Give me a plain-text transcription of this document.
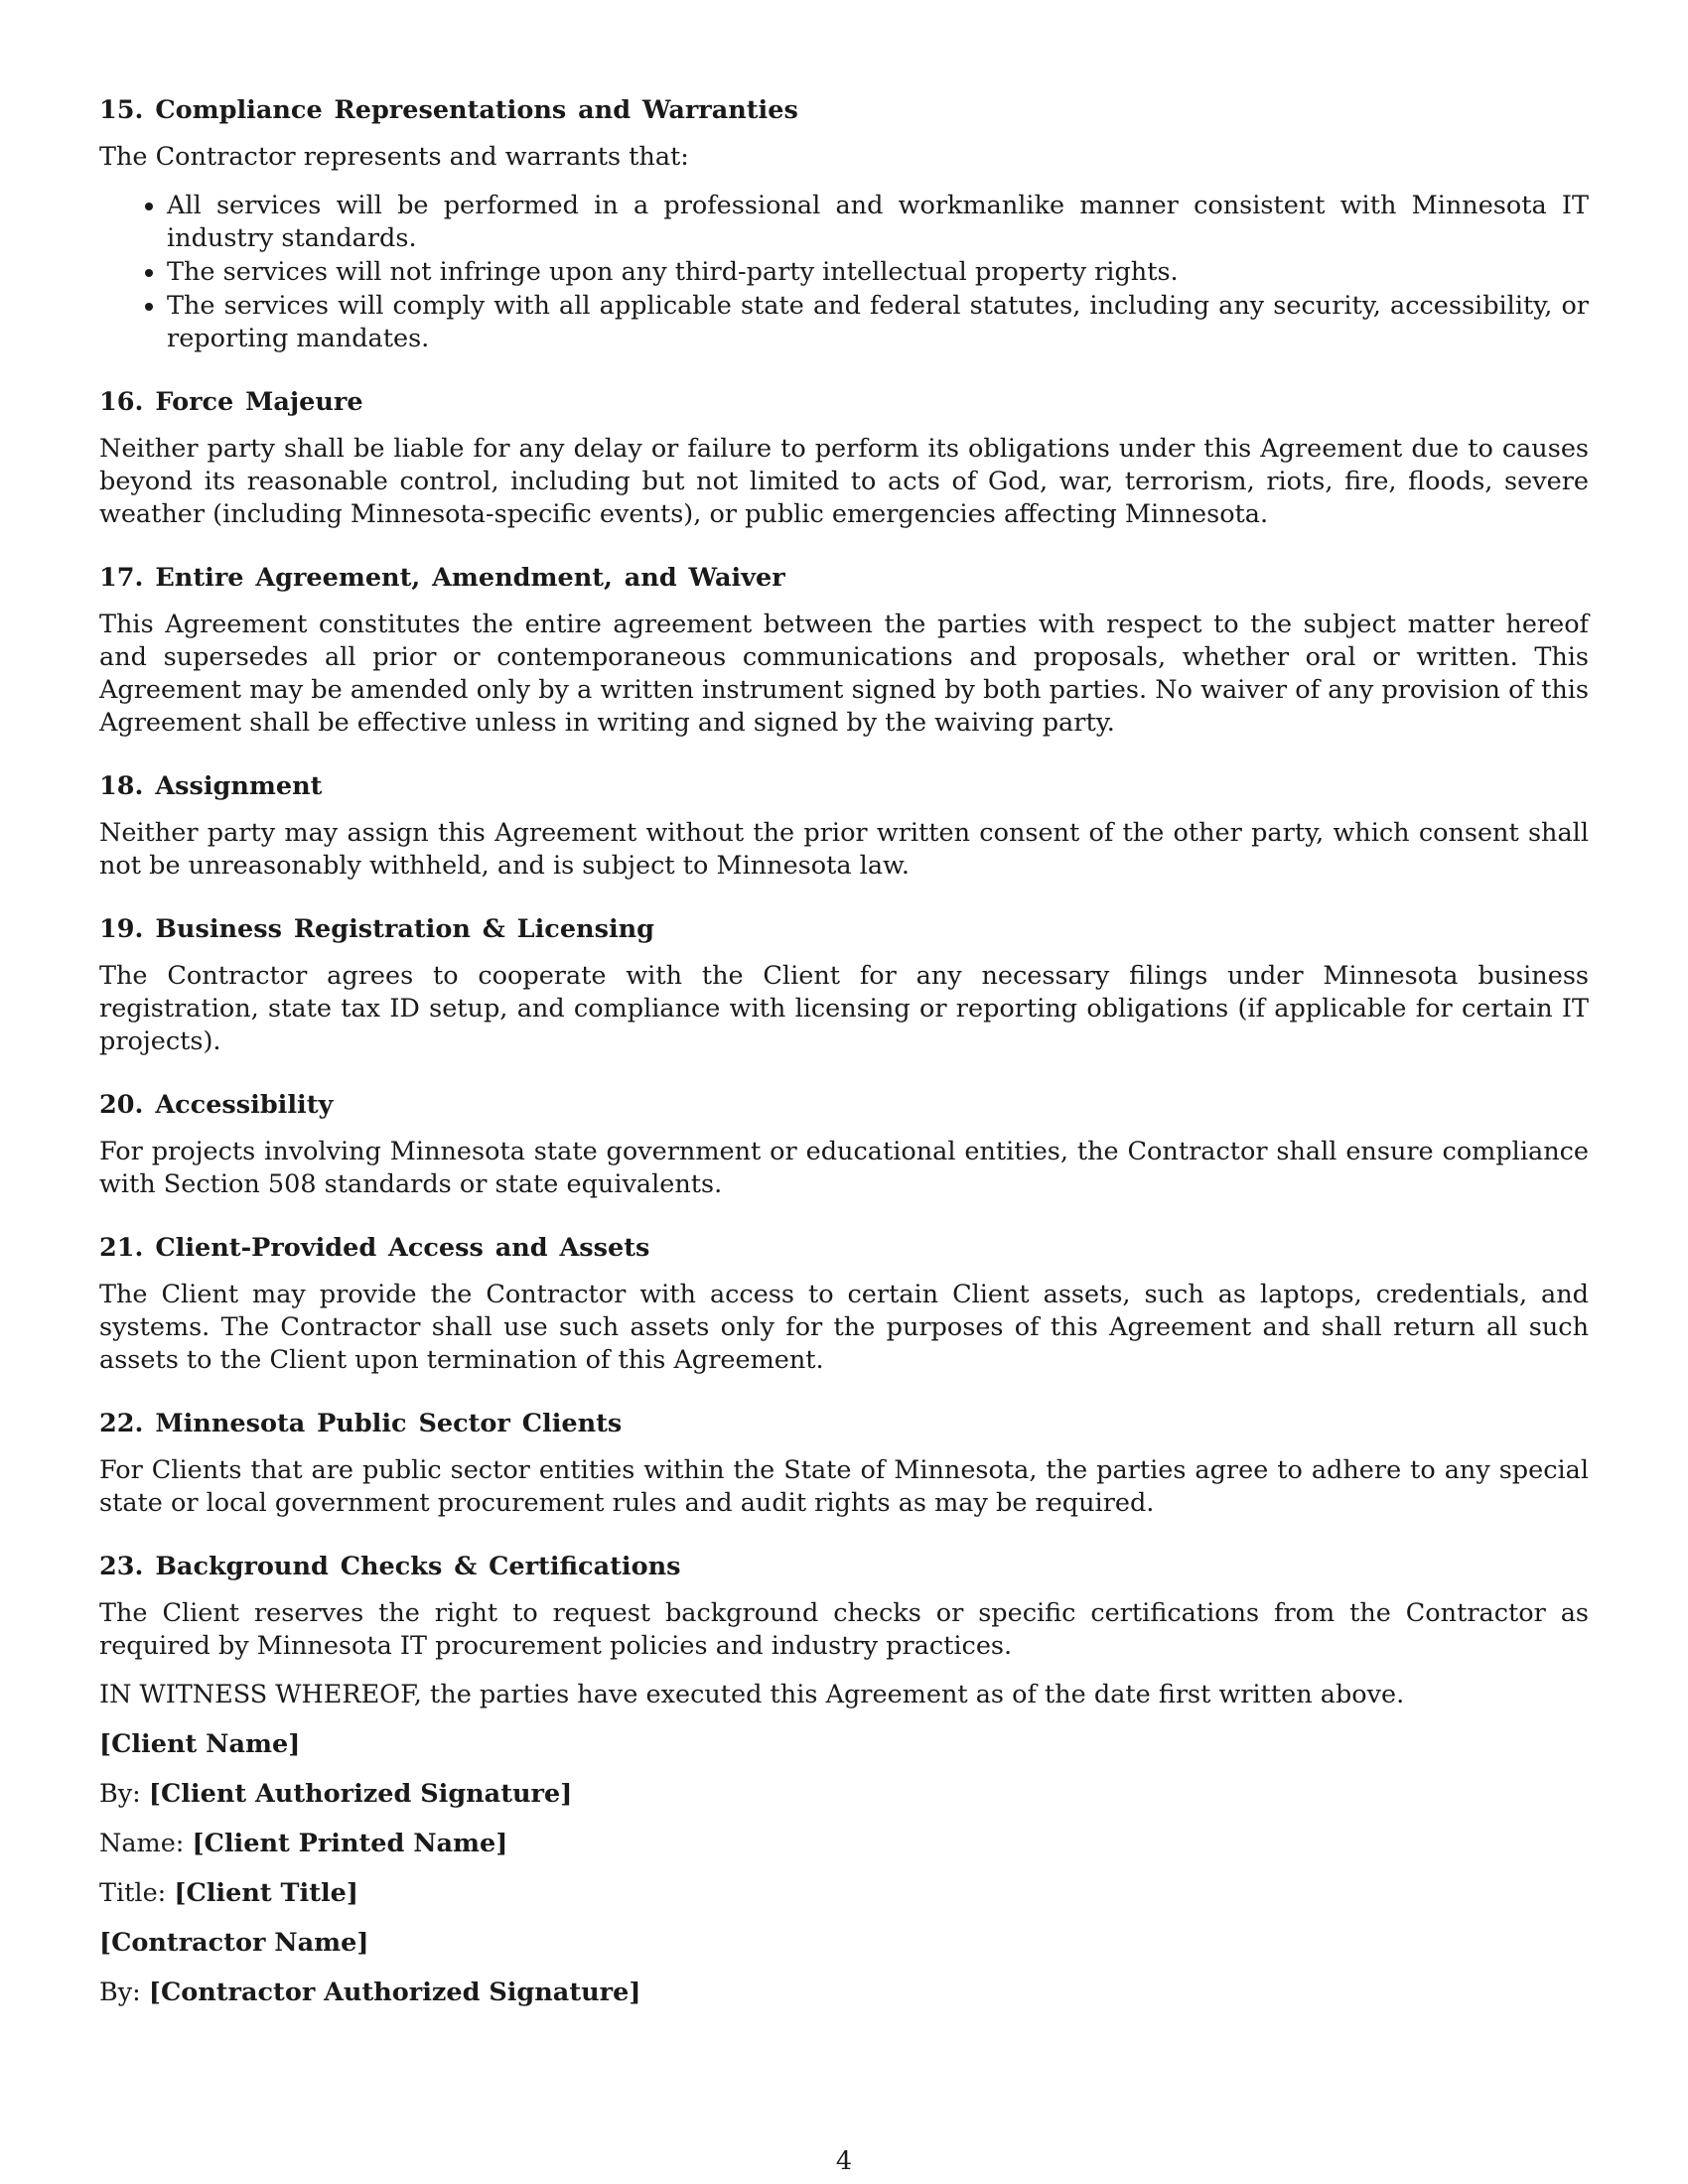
15. Compliance Representations and Warranties

The Contractor represents and warrants that:

• All services will be performed in a professional and workmanlike manner consistent with Minnesota IT industry standards.
• The services will not infringe upon any third-party intellectual property rights.
• The services will comply with all applicable state and federal statutes, including any security, accessibility, or reporting mandates.
16. Force Majeure

Neither party shall be liable for any delay or failure to perform its obligations under this Agreement due to causes beyond its reasonable control, including but not limited to acts of God, war, terrorism, riots, fire, floods, severe weather (including Minnesota-specific events), or public emergencies affecting Minnesota.

17. Entire Agreement, Amendment, and Waiver

This Agreement constitutes the entire agreement between the parties with respect to the subject matter hereof and supersedes all prior or contemporaneous communications and proposals, whether oral or written. This Agreement may be amended only by a written instrument signed by both parties. No waiver of any provision of this Agreement shall be effective unless in writing and signed by the waiving party.

18. Assignment

Neither party may assign this Agreement without the prior written consent of the other party, which consent shall not be unreasonably withheld, and is subject to Minnesota law.

19. Business Registration & Licensing

The Contractor agrees to cooperate with the Client for any necessary filings under Minnesota business registration, state tax ID setup, and compliance with licensing or reporting obligations (if applicable for certain IT projects).

20. Accessibility

For projects involving Minnesota state government or educational entities, the Contractor shall ensure compliance with Section 508 standards or state equivalents.

21. Client-Provided Access and Assets

The Client may provide the Contractor with access to certain Client assets, such as laptops, credentials, and systems. The Contractor shall use such assets only for the purposes of this Agreement and shall return all such assets to the Client upon termination of this Agreement.

22. Minnesota Public Sector Clients

For Clients that are public sector entities within the State of Minnesota, the parties agree to adhere to any special state or local government procurement rules and audit rights as may be required.

23. Background Checks & Certifications

The Client reserves the right to request background checks or specific certifications from the Contractor as required by Minnesota IT procurement policies and industry practices.

IN WITNESS WHEREOF, the parties have executed this Agreement as of the date first written above.

[Client Name]
By: [Client Authorized Signature]
Name: [Client Printed Name]
Title: [Client Title]
[Contractor Name]
By: [Contractor Authorized Signature]
4
